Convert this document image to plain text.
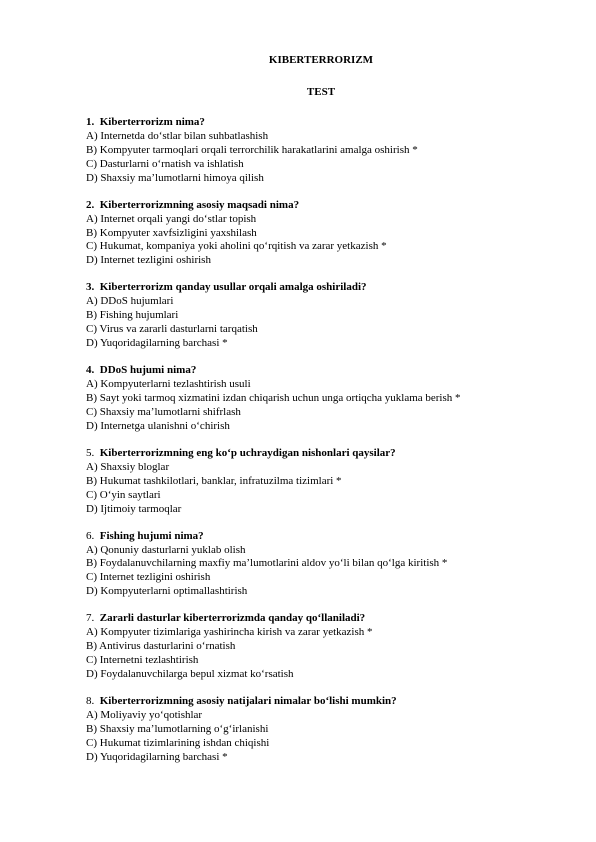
KIBERTERRORIZM
TEST
1. Kiberterrorizm nima?
A) Internetda do‘stlar bilan suhbatlashish
B) Kompyuter tarmoqlari orqali terrorchilik harakatlarini amalga oshirish *
C) Dasturlarni o‘rnatish va ishlatish
D) Shaxsiy ma’lumotlarni himoya qilish
2. Kiberterrorizmning asosiy maqsadi nima?
A) Internet orqali yangi do‘stlar topish
B) Kompyuter xavfsizligini yaxshilash
C) Hukumat, kompaniya yoki aholini qo‘rqitish va zarar yetkazish *
D) Internet tezligini oshirish
3. Kiberterrorizm qanday usullar orqali amalga oshiriladi?
A) DDoS hujumlari
B) Fishing hujumlari
C) Virus va zararli dasturlarni tarqatish
D) Yuqoridagilarning barchasi *
4. DDoS hujumi nima?
A) Kompyuterlarni tezlashtirish usuli
B) Sayt yoki tarmoq xizmatini izdan chiqarish uchun unga ortiqcha yuklama berish *
C) Shaxsiy ma’lumotlarni shifrlash
D) Internetga ulanishni o‘chirish
5. Kiberterrorizmning eng ko‘p uchraydigan nishonlari qaysilar?
A) Shaxsiy bloglar
B) Hukumat tashkilotlari, banklar, infratuzilma tizimlari *
C) O‘yin saytlari
D) Ijtimoiy tarmoqlar
6. Fishing hujumi nima?
A) Qonuniy dasturlarni yuklab olish
B) Foydalanuvchilarning maxfiy ma’lumotlarini aldov yo‘li bilan qo‘lga kiritish *
C) Internet tezligini oshirish
D) Kompyuterlarni optimallashtirish
7. Zararli dasturlar kiberterrorizmda qanday qo‘llaniladi?
A) Kompyuter tizimlariga yashirincha kirish va zarar yetkazish *
B) Antivirus dasturlarini o‘rnatish
C) Internetni tezlashtirish
D) Foydalanuvchilarga bepul xizmat ko‘rsatish
8. Kiberterrorizmning asosiy natijalari nimalar bo‘lishi mumkin?
A) Moliyaviy yo‘qotishlar
B) Shaxsiy ma’lumotlarning o‘g‘irlanishi
C) Hukumat tizimlarining ishdan chiqishi
D) Yuqoridagilarning barchasi *
